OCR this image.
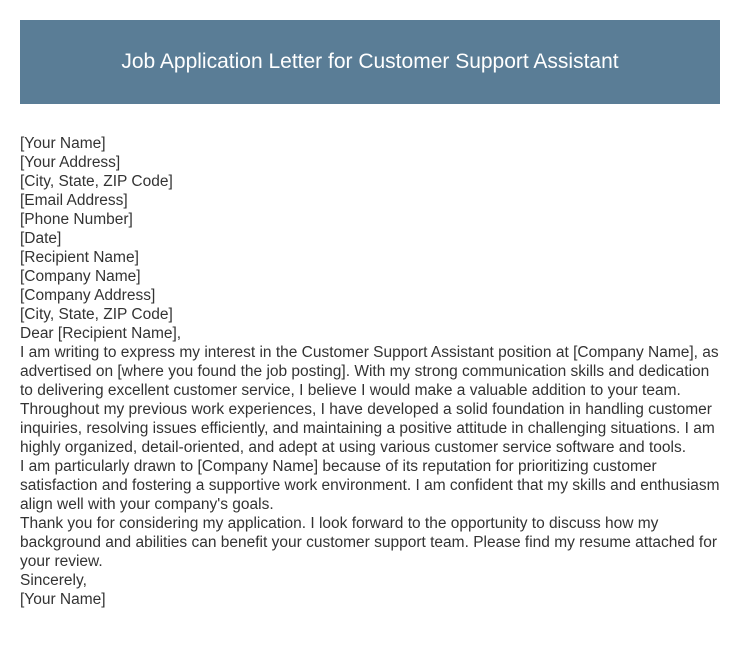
Job Application Letter for Customer Support Assistant

[Your Name]

[Your Address]

[City, State, ZIP Code]

[Email Address]

[Phone Number]

[Date]

[Recipient Name]

[Company Name]

[Company Address]

[City, State, ZIP Code]

Dear [Recipient Name],

I am writing to express my interest in the Customer Support Assistant position at [Company Name], as advertised on [where you found the job posting]. With my strong communication skills and dedication to delivering excellent customer service, I believe I would make a valuable addition to your team.

Throughout my previous work experiences, I have developed a solid foundation in handling customer inquiries, resolving issues efficiently, and maintaining a positive attitude in challenging situations. I am highly organized, detail-oriented, and adept at using various customer service software and tools.

I am particularly drawn to [Company Name] because of its reputation for prioritizing customer satisfaction and fostering a supportive work environment. I am confident that my skills and enthusiasm align well with your company's goals.

Thank you for considering my application. I look forward to the opportunity to discuss how my background and abilities can benefit your customer support team. Please find my resume attached for your review.

Sincerely,

[Your Name]
